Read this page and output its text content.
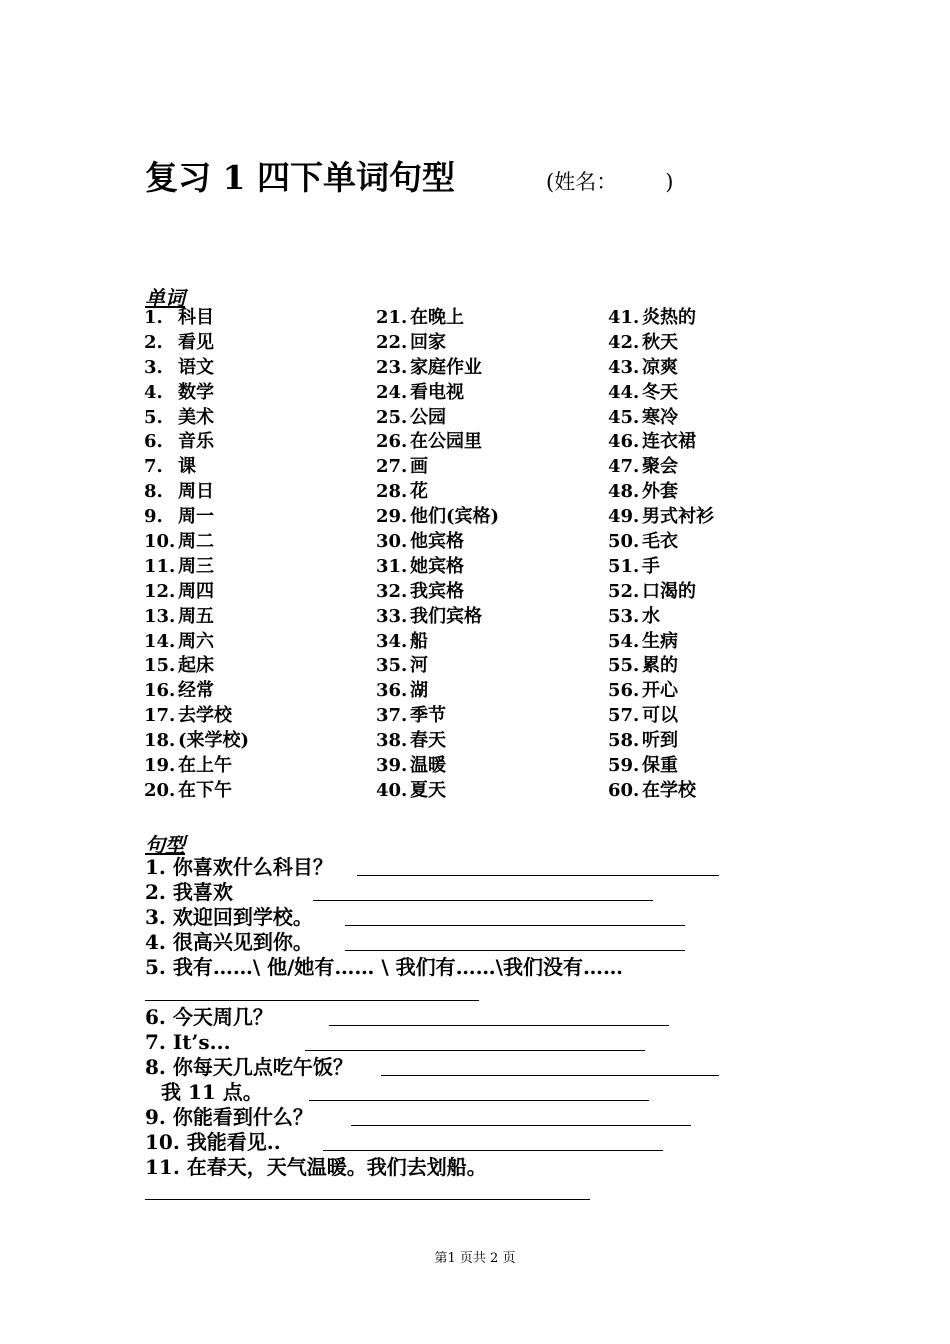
复习 1 四下单词句型	(姓名： )
单词
1. 科目
2. 看见
3. 语文
4. 数学
5. 美术
6. 音乐
7. 课
8. 周日
9. 周一
10. 周二
11. 周三
12. 周四
13. 周五
14. 周六
15. 起床
16. 经常
17. 去学校
18. (来学校)
19. 在上午
20. 在下午
21. 在晚上
22. 回家
23. 家庭作业
24. 看电视
25. 公园
26. 在公园里
27. 画
28. 花
29. 他们(宾格)
30. 他宾格
31. 她宾格
32. 我宾格
33. 我们宾格
34. 船
35. 河
36. 湖
37. 季节
38. 春天
39. 温暖
40. 夏天
41. 炎热的
42. 秋天
43. 凉爽
44. 冬天
45. 寒冷
46. 连衣裙
47. 聚会
48. 外套
49. 男式衬衫
50. 毛衣
51. 手
52. 口渴的
53. 水
54. 生病
55. 累的
56. 开心
57. 可以
58. 听到
59. 保重
60. 在学校
句型
1. 你喜欢什么科目？
2. 我喜欢
3. 欢迎回到学校。
4. 很高兴见到你。
5. 我有……\ 他/她有…… \ 我们有……\我们没有……
6. 今天周几？
7. It’s...
8. 你每天几点吃午饭？
我 11 点。
9. 你能看到什么？
10. 我能看见..
11. 在春天，天气温暖。我们去划船。
第1 页共 2 页
